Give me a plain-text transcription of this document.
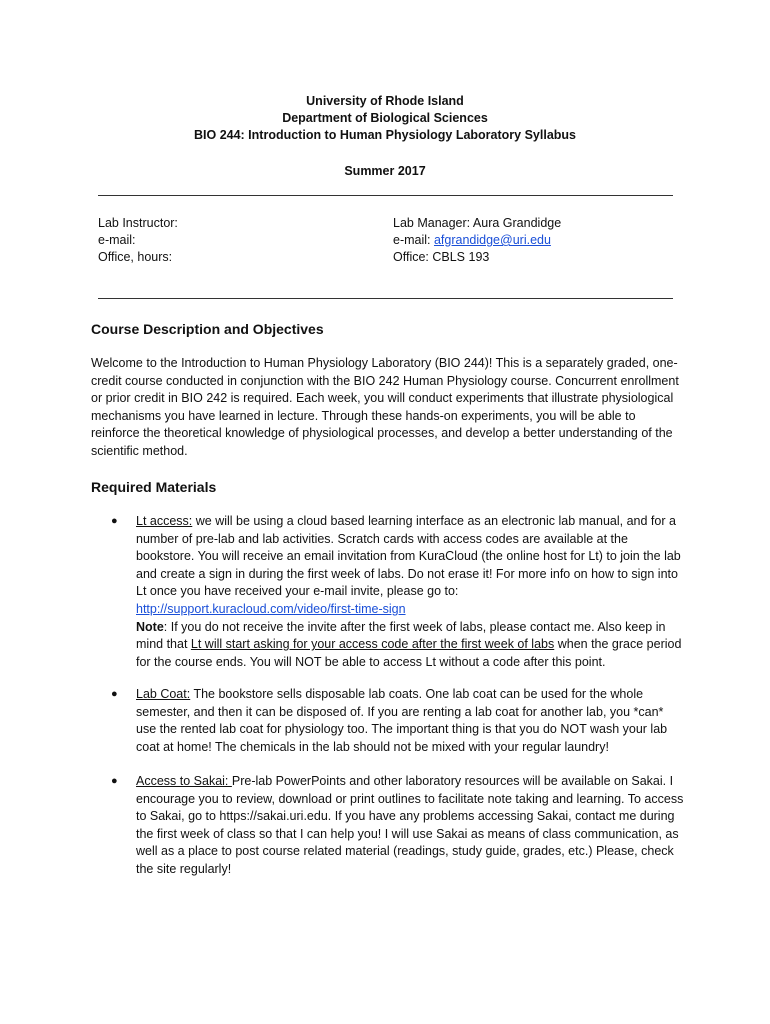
University of Rhode Island
Department of Biological Sciences
BIO 244: Introduction to Human Physiology Laboratory Syllabus
Summer 2017
Lab Instructor:
e-mail:
Office, hours:
Lab Manager: Aura Grandidge
e-mail: afgrandidge@uri.edu
Office: CBLS 193
Course Description and Objectives
Welcome to the Introduction to Human Physiology Laboratory (BIO 244)! This is a separately graded, one-credit course conducted in conjunction with the BIO 242 Human Physiology course. Concurrent enrollment or prior credit in BIO 242 is required. Each week, you will conduct experiments that illustrate physiological mechanisms you have learned in lecture. Through these hands-on experiments, you will be able to reinforce the theoretical knowledge of physiological processes, and develop a better understanding of the scientific method.
Required Materials
● Lt access: we will be using a cloud based learning interface as an electronic lab manual, and for a number of pre-lab and lab activities. Scratch cards with access codes are available at the bookstore. You will receive an email invitation from KuraCloud (the online host for Lt) to join the lab and create a sign in during the first week of labs. Do not erase it! For more info on how to sign into Lt once you have received your e-mail invite, please go to:
http://support.kuracloud.com/video/first-time-sign
Note: If you do not receive the invite after the first week of labs, please contact me. Also keep in mind that Lt will start asking for your access code after the first week of labs when the grace period for the course ends. You will NOT be able to access Lt without a code after this point.
● Lab Coat: The bookstore sells disposable lab coats. One lab coat can be used for the whole semester, and then it can be disposed of. If you are renting a lab coat for another lab, you *can* use the rented lab coat for physiology too. The important thing is that you do NOT wash your lab coat at home! The chemicals in the lab should not be mixed with your regular laundry!
● Access to Sakai: Pre-lab PowerPoints and other laboratory resources will be available on Sakai. I encourage you to review, download or print outlines to facilitate note taking and learning. To access to Sakai, go to https://sakai.uri.edu. If you have any problems accessing Sakai, contact me during the first week of class so that I can help you! I will use Sakai as means of class communication, as well as a place to post course related material (readings, study guide, grades, etc.) Please, check the site regularly!
